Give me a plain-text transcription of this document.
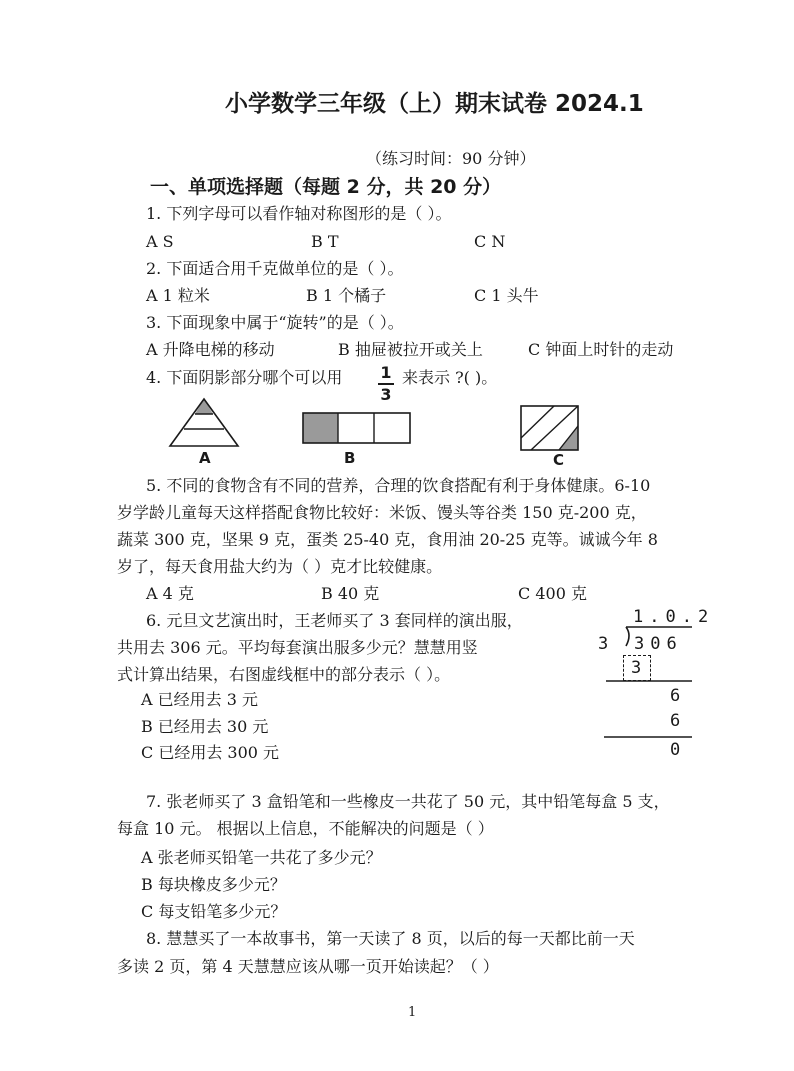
小学数学三年级（上）期末试卷 2024.1
（练习时间：90 分钟）
一、单项选择题（每题 2 分，共 20 分）
1. 下列字母可以看作轴对称图形的是（ ）。
A S	B T	C N
2. 下面适合用千克做单位的是（ ）。
A 1 粒米	B 1 个橘子	C 1 头牛
3. 下面现象中属于“旋转”的是（ ）。
A 升降电梯的移动	B 抽屉被拉开或关上	C 钟面上时针的走动
4. 下面阴影部分哪个可以用 1
3
来表示 ?( )。
A	B	C
5. 不同的食物含有不同的营养，合理的饮食搭配有利于身体健康。6-10
岁学龄儿童每天这样搭配食物比较好：米饭、馒头等谷类 150 克-200 克，
蔬菜 300 克，坚果 9 克，蛋类 25-40 克，食用油 20-25 克等。诚诚今年 8
岁了，每天食用盐大约为（ ）克才比较健康。
A 4 克	B 40 克	C 400 克
6. 元旦文艺演出时，王老师买了 3 套同样的演出服，
共用去 306 元。平均每套演出服多少元？慧慧用竖
式计算出结果，右图虚线框中的部分表示（ ）。
A 已经用去 3 元
B 已经用去 30 元
C 已经用去 300 元
1.0.2
3 306
3
6
6
0
7. 张老师买了 3 盒铅笔和一些橡皮一共花了 50 元，其中铅笔每盒 5 支，
每盒 10 元。 根据以上信息，不能解决的问题是（ ）
A 张老师买铅笔一共花了多少元？
B 每块橡皮多少元？
C 每支铅笔多少元？
8. 慧慧买了一本故事书，第一天读了 8 页，以后的每一天都比前一天
多读 2 页，第 4 天慧慧应该从哪一页开始读起？（ ）
1
